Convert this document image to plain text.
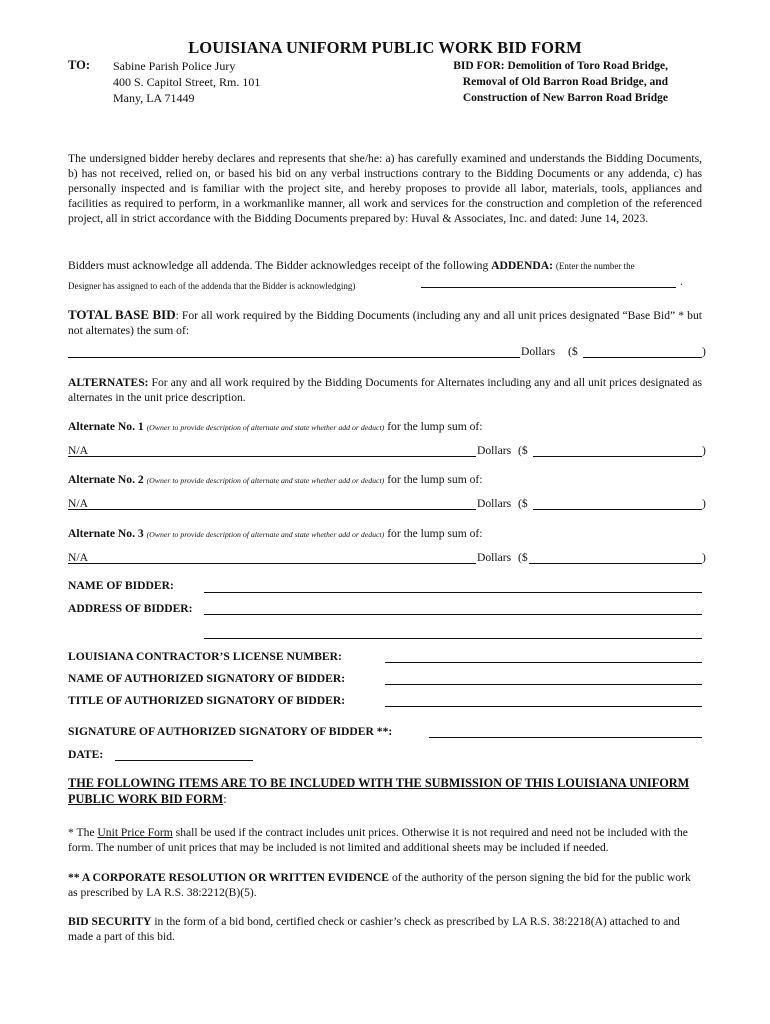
LOUISIANA UNIFORM PUBLIC WORK BID FORM
TO: Sabine Parish Police Jury
400 S. Capitol Street, Rm. 101
Many, LA 71449
BID FOR: Demolition of Toro Road Bridge,
Removal of Old Barron Road Bridge, and
Construction of New Barron Road Bridge
The undersigned bidder hereby declares and represents that she/he: a) has carefully examined and understands the Bidding Documents, b) has not received, relied on, or based his bid on any verbal instructions contrary to the Bidding Documents or any addenda, c) has personally inspected and is familiar with the project site, and hereby proposes to provide all labor, materials, tools, appliances and facilities as required to perform, in a workmanlike manner, all work and services for the construction and completion of the referenced project, all in strict accordance with the Bidding Documents prepared by: Huval & Associates, Inc. and dated: June 14, 2023.
Bidders must acknowledge all addenda. The Bidder acknowledges receipt of the following ADDENDA: (Enter the number the
Designer has assigned to each of the addenda that the Bidder is acknowledging)	.
TOTAL BASE BID: For all work required by the Bidding Documents (including any and all unit prices designated “Base Bid” * but not alternates) the sum of:
Dollars ($	)
ALTERNATES: For any and all work required by the Bidding Documents for Alternates including any and all unit prices designated as alternates in the unit price description.
Alternate No. 1 (Owner to provide description of alternate and state whether add or deduct) for the lump sum of:
N/A	Dollars ($	)
Alternate No. 2 (Owner to provide description of alternate and state whether add or deduct) for the lump sum of:
N/A	Dollars ($	)
Alternate No. 3 (Owner to provide description of alternate and state whether add or deduct) for the lump sum of:
N/A	Dollars ($	)
NAME OF BIDDER:
ADDRESS OF BIDDER:
LOUISIANA CONTRACTOR’S LICENSE NUMBER:
NAME OF AUTHORIZED SIGNATORY OF BIDDER:
TITLE OF AUTHORIZED SIGNATORY OF BIDDER:
SIGNATURE OF AUTHORIZED SIGNATORY OF BIDDER **:
DATE:
THE FOLLOWING ITEMS ARE TO BE INCLUDED WITH THE SUBMISSION OF THIS LOUISIANA UNIFORM PUBLIC WORK BID FORM:
* The Unit Price Form shall be used if the contract includes unit prices. Otherwise it is not required and need not be included with the form. The number of unit prices that may be included is not limited and additional sheets may be included if needed.
** A CORPORATE RESOLUTION OR WRITTEN EVIDENCE of the authority of the person signing the bid for the public work as prescribed by LA R.S. 38:2212(B)(5).
BID SECURITY in the form of a bid bond, certified check or cashier’s check as prescribed by LA R.S. 38:2218(A) attached to and made a part of this bid.
